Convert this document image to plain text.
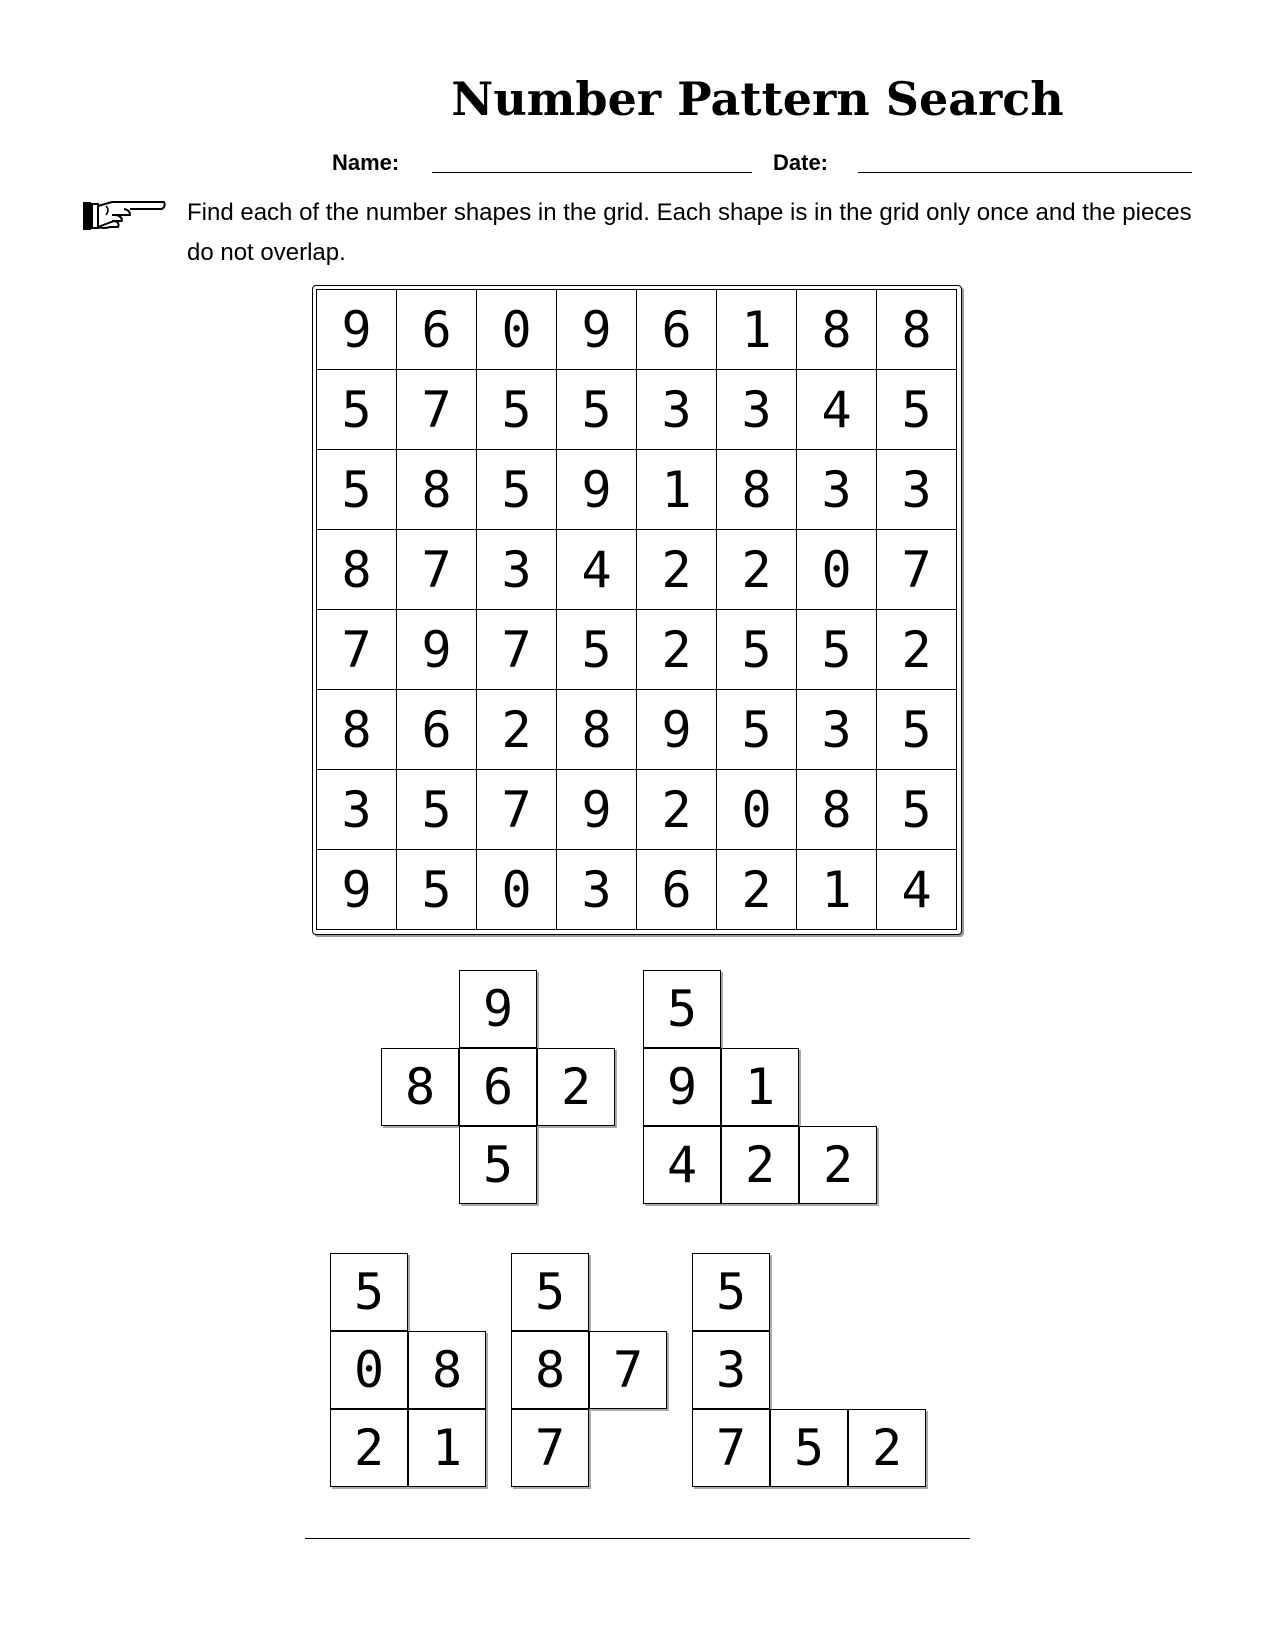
Number Pattern Search
Name:	Date:
Find each of the number shapes in the grid. Each shape is in the grid only once and the pieces do not overlap.
9 6 0 9 6 1 8 8
5 7 5 5 3 3 4 5
5 8 5 9 1 8 3 3
8 7 3 4 2 2 0 7
7 9 7 5 2 5 5 2
8 6 2 8 9 5 3 5
3 5 7 9 2 0 8 5
9 5 0 3 6 2 1 4
9
8 6 2
5
5
9 1
4 2 2
5
0 8
2 1
5
8 7
7
5
3
7 5 2
